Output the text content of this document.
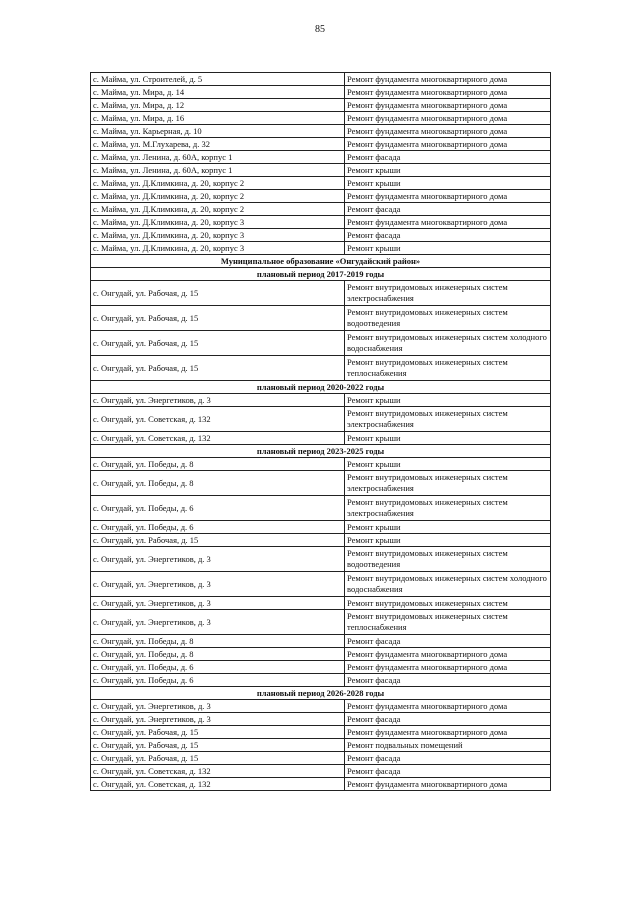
85
с. Майма, ул. Строителей, д. 5	Ремонт фундамента многоквартирного дома
с. Майма, ул. Мира, д. 14	Ремонт фундамента многоквартирного дома
с. Майма, ул. Мира, д. 12	Ремонт фундамента многоквартирного дома
с. Майма, ул. Мира, д. 16	Ремонт фундамента многоквартирного дома
с. Майма, ул. Карьерная, д. 10	Ремонт фундамента многоквартирного дома
с. Майма, ул. М.Глухарева, д. 32	Ремонт фундамента многоквартирного дома
с. Майма, ул. Ленина, д. 60А, корпус 1	Ремонт фасада
с. Майма, ул. Ленина, д. 60А, корпус 1	Ремонт крыши
с. Майма, ул. Д.Климкина, д. 20, корпус 2	Ремонт крыши
с. Майма, ул. Д.Климкина, д. 20, корпус 2	Ремонт фундамента многоквартирного дома
с. Майма, ул. Д.Климкина, д. 20, корпус 2	Ремонт фасада
с. Майма, ул. Д.Климкина, д. 20, корпус 3	Ремонт фундамента многоквартирного дома
с. Майма, ул. Д.Климкина, д. 20, корпус 3	Ремонт фасада
с. Майма, ул. Д.Климкина, д. 20, корпус 3	Ремонт крыши
Муниципальное образование «Онгудайский район»	
плановый период 2017-2019 годы	
с. Онгудай, ул. Рабочая, д. 15	Ремонт внутридомовых инженерных систем электроснабжения
с. Онгудай, ул. Рабочая, д. 15	Ремонт внутридомовых инженерных систем водоотведения
с. Онгудай, ул. Рабочая, д. 15	Ремонт внутридомовых инженерных систем холодного водоснабжения
с. Онгудай, ул. Рабочая, д. 15	Ремонт внутридомовых инженерных систем теплоснабжения
плановый период 2020-2022 годы	
с. Онгудай, ул. Энергетиков, д. 3	Ремонт крыши
с. Онгудай, ул. Советская, д. 132	Ремонт внутридомовых инженерных систем электроснабжения
с. Онгудай, ул. Советская, д. 132	Ремонт крыши
плановый период 2023-2025 годы	
с. Онгудай, ул. Победы, д. 8	Ремонт крыши
с. Онгудай, ул. Победы, д. 8	Ремонт внутридомовых инженерных систем электроснабжения
с. Онгудай, ул. Победы, д. 6	Ремонт внутридомовых инженерных систем электроснабжения
с. Онгудай, ул. Победы, д. 6	Ремонт крыши
с. Онгудай, ул. Рабочая, д. 15	Ремонт крыши
с. Онгудай, ул. Энергетиков, д. 3	Ремонт внутридомовых инженерных систем водоотведения
с. Онгудай, ул. Энергетиков, д. 3	Ремонт внутридомовых инженерных систем холодного водоснабжения
с. Онгудай, ул. Энергетиков, д. 3	Ремонт внутридомовых инженерных систем
с. Онгудай, ул. Энергетиков, д. 3	Ремонт внутридомовых инженерных систем теплоснабжения
с. Онгудай, ул. Победы, д. 8	Ремонт фасада
с. Онгудай, ул. Победы, д. 8	Ремонт фундамента многоквартирного дома
с. Онгудай, ул. Победы, д. 6	Ремонт фундамента многоквартирного дома
с. Онгудай, ул. Победы, д. 6	Ремонт фасада
плановый период 2026-2028 годы	
с. Онгудай, ул. Энергетиков, д. 3	Ремонт фундамента многоквартирного дома
с. Онгудай, ул. Энергетиков, д. 3	Ремонт фасада
с. Онгудай, ул. Рабочая, д. 15	Ремонт фундамента многоквартирного дома
с. Онгудай, ул. Рабочая, д. 15	Ремонт подвальных помещений
с. Онгудай, ул. Рабочая, д. 15	Ремонт фасада
с. Онгудай, ул. Советская, д. 132	Ремонт фасада
с. Онгудай, ул. Советская, д. 132	Ремонт фундамента многоквартирного дома
